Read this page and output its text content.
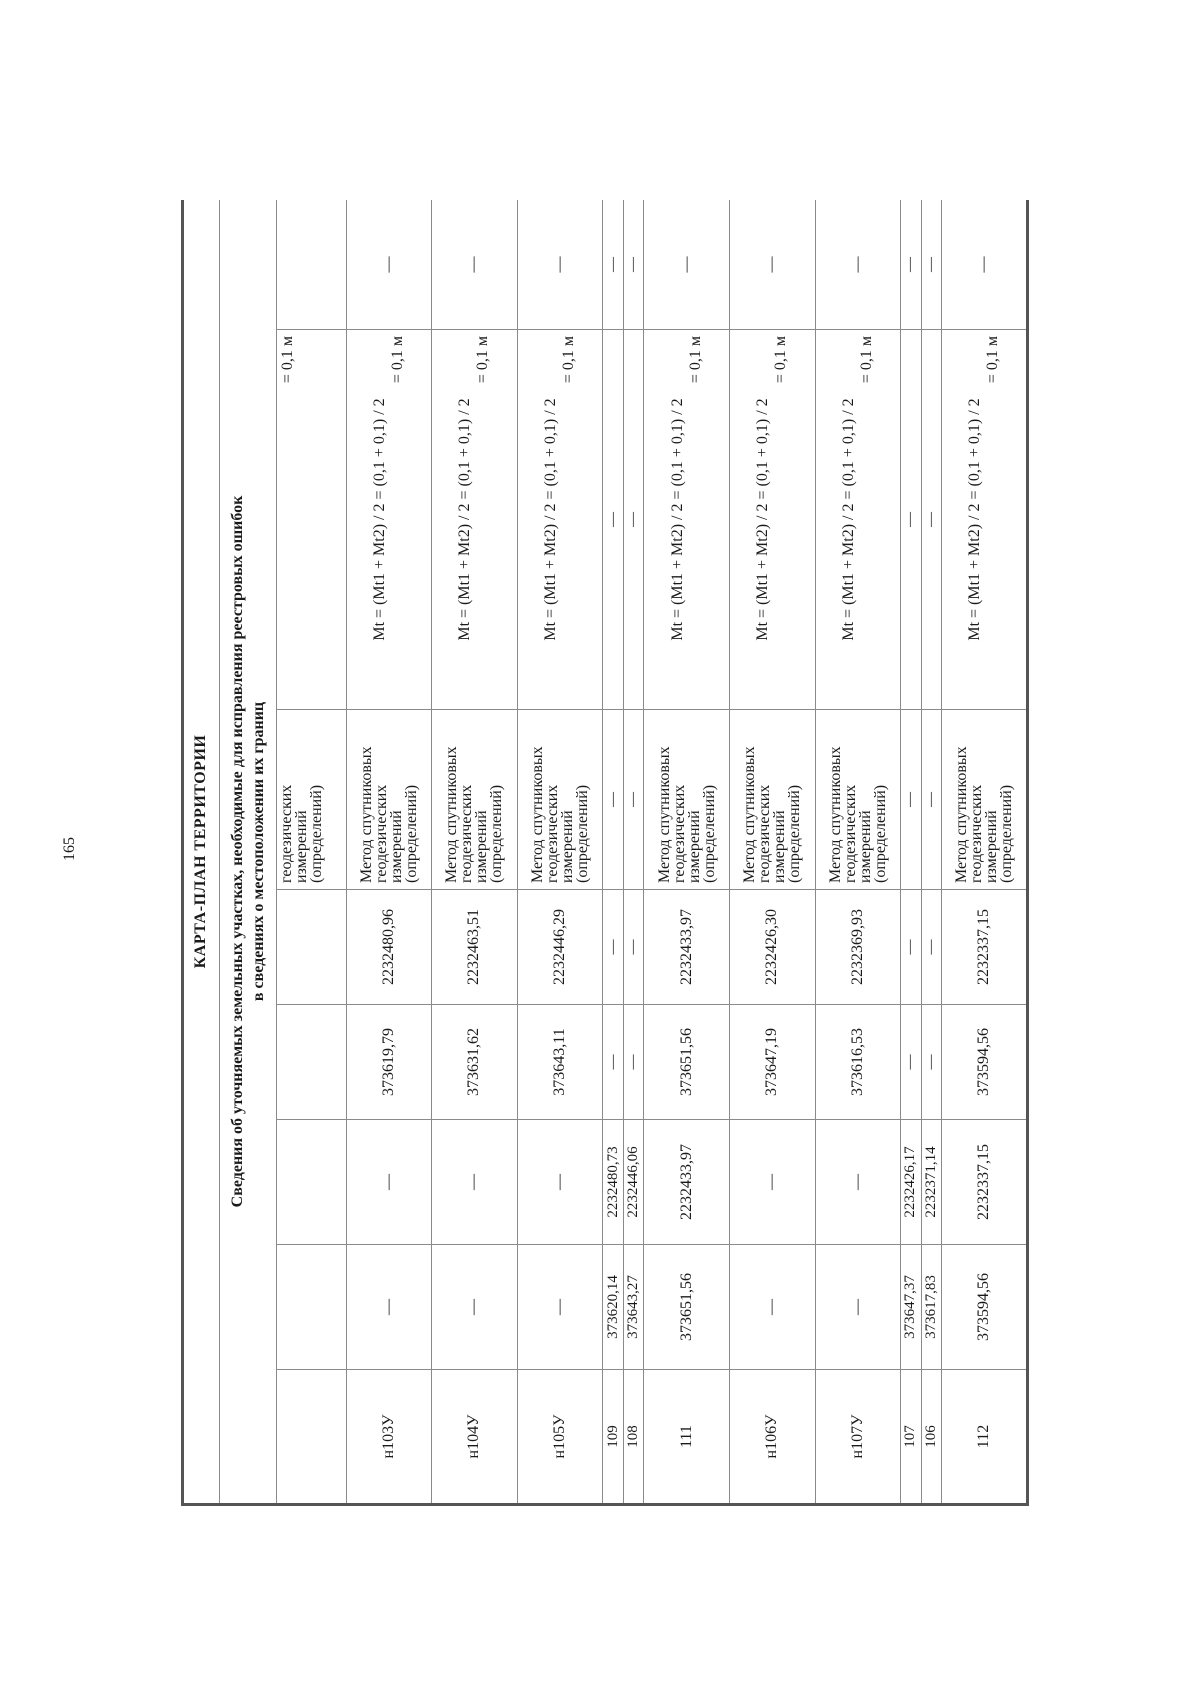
165	КАРТА-ПЛАН ТЕРРИТОРИИ							
Сведения об уточняемых земельных участках, необходимые для исправления реестровых ошибок в сведениях о местоположении их границ							
					геодезических
измерений
(определений)	= 0,1 м	

н103У	—	—	373619,79	2232480,96	Метод спутниковых
геодезических
измерений
(определений)	Mt = (Mt1 + Mt2) / 2 = (0,1 + 0,1) / 2
= 0,1 м	—
н104У	—	—	373631,62	2232463,51	Метод спутниковых
геодезических
измерений
(определений)	Mt = (Mt1 + Mt2) / 2 = (0,1 + 0,1) / 2
= 0,1 м	—
н105У	—	—	373643,11	2232446,29	Метод спутниковых
геодезических
измерений
(определений)	Mt = (Mt1 + Mt2) / 2 = (0,1 + 0,1) / 2
= 0,1 м	—
109	373620,14	2232480,73	—	—	—	—	—
108	373643,27	2232446,06	—	—	—	—	—
111	373651,56	2232433,97	373651,56	2232433,97	Метод спутниковых
геодезических
измерений
(определений)	Mt = (Mt1 + Mt2) / 2 = (0,1 + 0,1) / 2
= 0,1 м	—
н106У	—	—	373647,19	2232426,30	Метод спутниковых
геодезических
измерений
(определений)	Mt = (Mt1 + Mt2) / 2 = (0,1 + 0,1) / 2
= 0,1 м	—
н107У	—	—	373616,53	2232369,93	Метод спутниковых
геодезических
измерений
(определений)	Mt = (Mt1 + Mt2) / 2 = (0,1 + 0,1) / 2
= 0,1 м	—
107	373647,37	2232426,17	—	—	—	—	—
106	373617,83	2232371,14	—	—	—	—	—
112	373594,56	2232337,15	373594,56	2232337,15	Метод спутниковых
геодезических
измерений
(определений)	Mt = (Mt1 + Mt2) / 2 = (0,1 + 0,1) / 2
= 0,1 м	—
